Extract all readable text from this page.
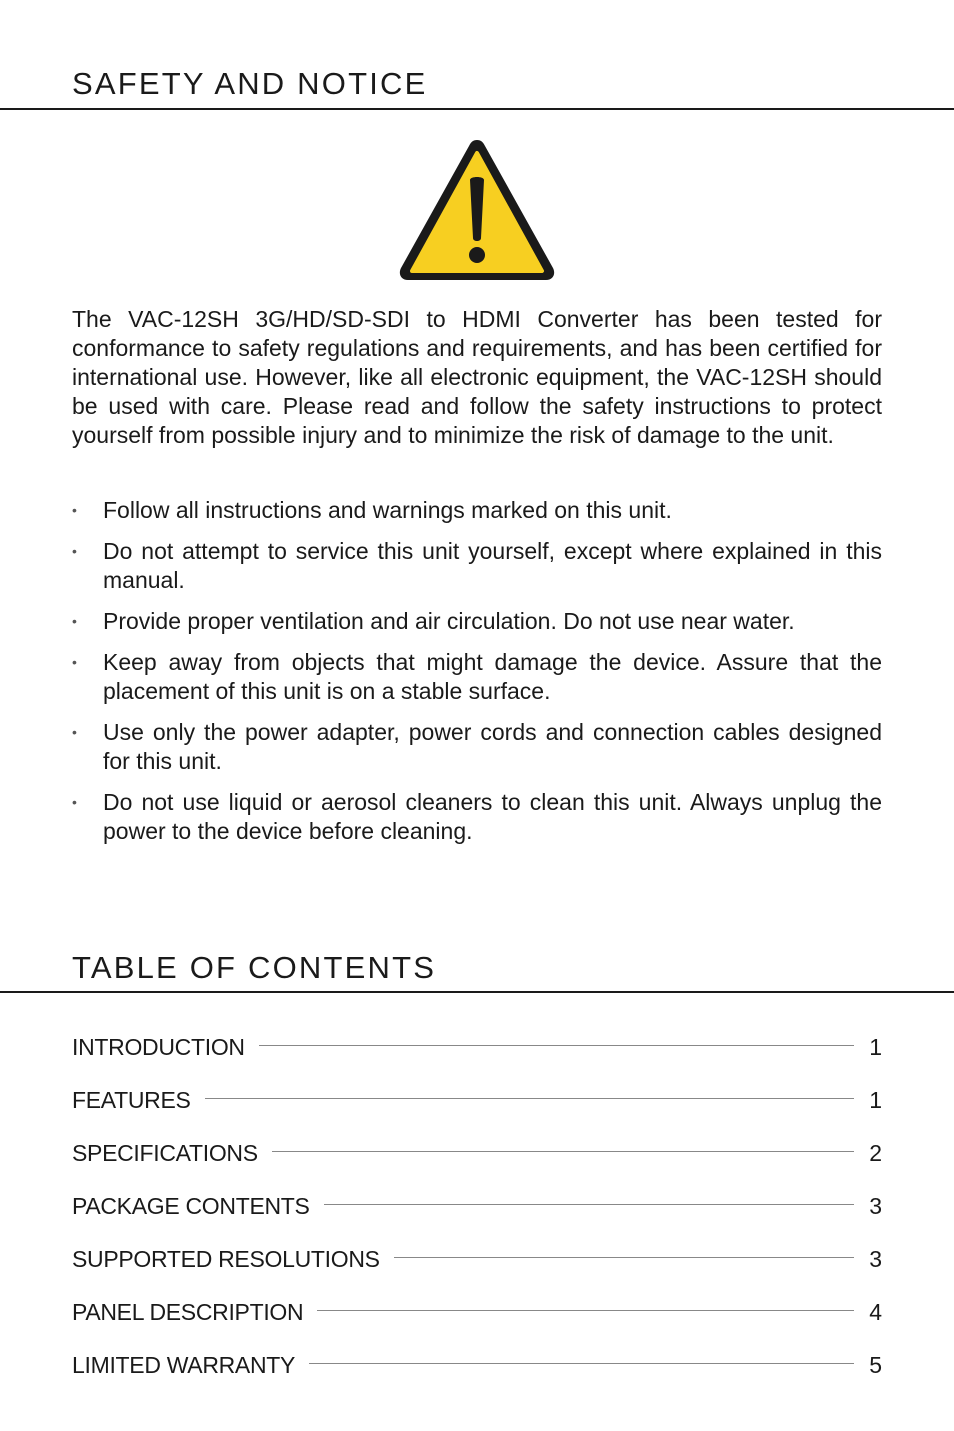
SAFETY AND NOTICE

The VAC-12SH 3G/HD/SD-SDI to HDMI Converter has been tested for conformance to safety regulations and requirements, and has been certified for international use. However, like all electronic equipment, the VAC-12SH should be used with care. Please read and follow the safety instructions to protect yourself from possible injury and to minimize the risk of damage to the unit.

• Follow all instructions and warnings marked on this unit.
• Do not attempt to service this unit yourself, except where explained in this manual.
• Provide proper ventilation and air circulation. Do not use near water.
• Keep away from objects that might damage the device. Assure that the placement of this unit is on a stable surface.
• Use only the power adapter, power cords and connection cables designed for this unit.
• Do not use liquid or aerosol cleaners to clean this unit. Always unplug the power to the device before cleaning.
TABLE OF CONTENTS
INTRODUCTION	1
FEATURES	1
SPECIFICATIONS	2
PACKAGE CONTENTS	3
SUPPORTED RESOLUTIONS	3
PANEL DESCRIPTION	4
LIMITED WARRANTY	5
